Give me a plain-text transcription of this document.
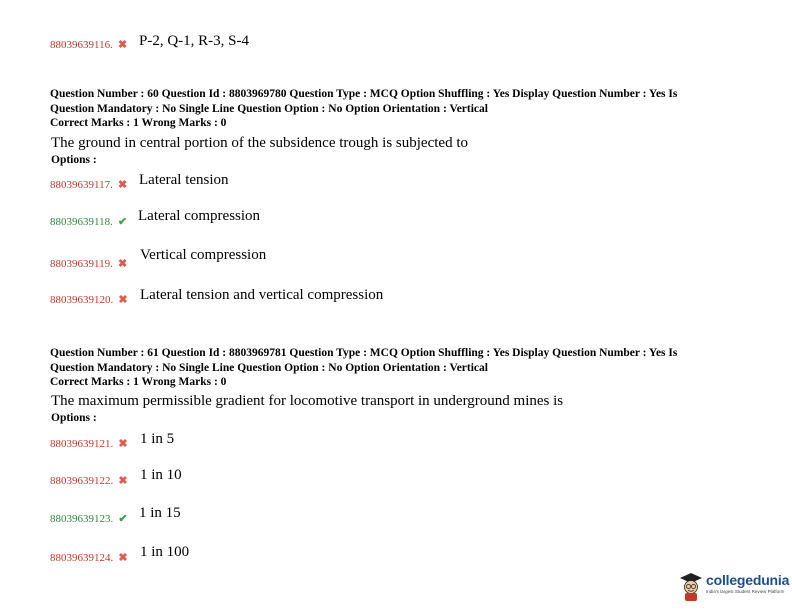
88039639116. ✖ P-2, Q-1, R-3, S-4
Question Number : 60 Question Id : 8803969780 Question Type : MCQ Option Shuffling : Yes Display Question Number : Yes Is
Question Mandatory : No Single Line Question Option : No Option Orientation : Vertical
Correct Marks : 1 Wrong Marks : 0
The ground in central portion of the subsidence trough is subjected to
Options :
88039639117. ✖ Lateral tension
88039639118. ✔ Lateral compression
88039639119. ✖
Vertical compression
88039639120. ✖ Lateral tension and vertical compression
Question Number : 61 Question Id : 8803969781 Question Type : MCQ Option Shuffling : Yes Display Question Number : Yes Is
Question Mandatory : No Single Line Question Option : No Option Orientation : Vertical
Correct Marks : 1 Wrong Marks : 0
The maximum permissible gradient for locomotive transport in underground mines is
Options :
88039639121. ✖ 1 in 5
88039639122. ✖ 1 in 10
88039639123. ✔ 1 in 15
88039639124. ✖ 1 in 100
collegedunia
India's largest Student Review Platform
